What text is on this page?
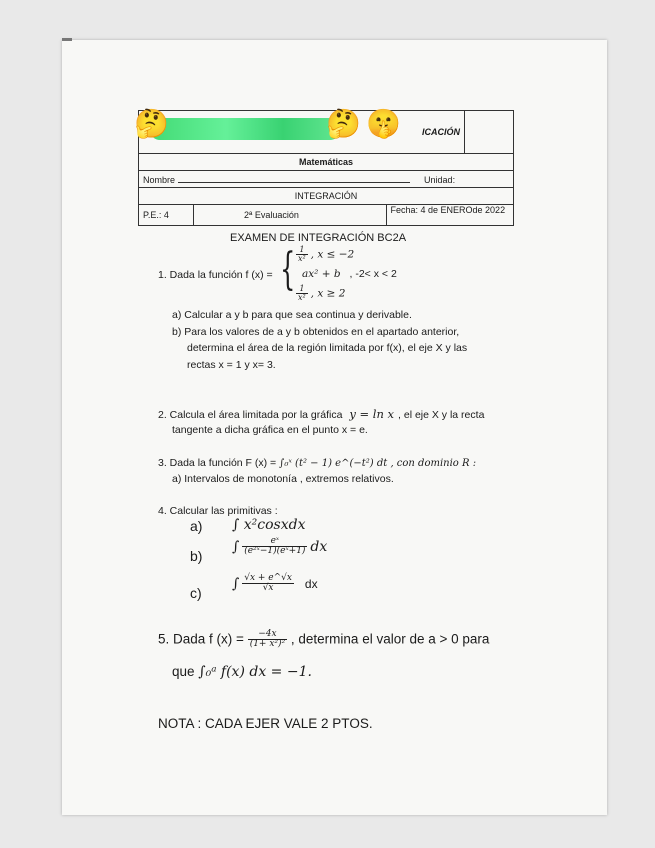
		ICACIÓN	
Matemáticas			
Nombre Unidad:			
INTEGRACIÓN			
P.E.: 4	2ª Evaluación	Fecha: 4 de ENEROde 2022	
🤔	🤔 🤫
EXAMEN DE INTEGRACIÓN BC2A
1. Dada la función f (x) = { $\frac{1}{\text{x²}}$ , x ≤ −2
ax² + b , -2< x < 2
$\frac{1}{\text{x²}}$ , x ≥ 2
a) Calcular a y b para que sea continua y derivable.
b) Para los valores de a y b obtenidos en el apartado anterior,
determina el área de la región limitada por f(x), el eje X y las
rectas x = 1 y x= 3.
2. Calcula el área limitada por la gráfica y = ln x , el eje X y la recta
tangente a dicha gráfica en el punto x = e.
3. Dada la función F (x) = ∫₀ˣ (t² − 1) e^(−t²) dt , con dominio R :
a) Intervalos de monotonía , extremos relativos.
4. Calcular las primitivas :
a) ∫ x²cosxdx
b)
∫ $\frac{\text{eˣ}}{\text{(e²ˣ−1)(eˣ+1)}}$ dx
c)
∫ $\frac{√x + e\^{}√x}{√x}$ dx
5. Dada f $(x) = \frac{-4x}{\text{(1+ x²)²}}$ , determina el valor de a > 0 para
que ∫₀ᵃ f(x) dx = −1.
NOTA : CADA EJER VALE 2 PTOS.
